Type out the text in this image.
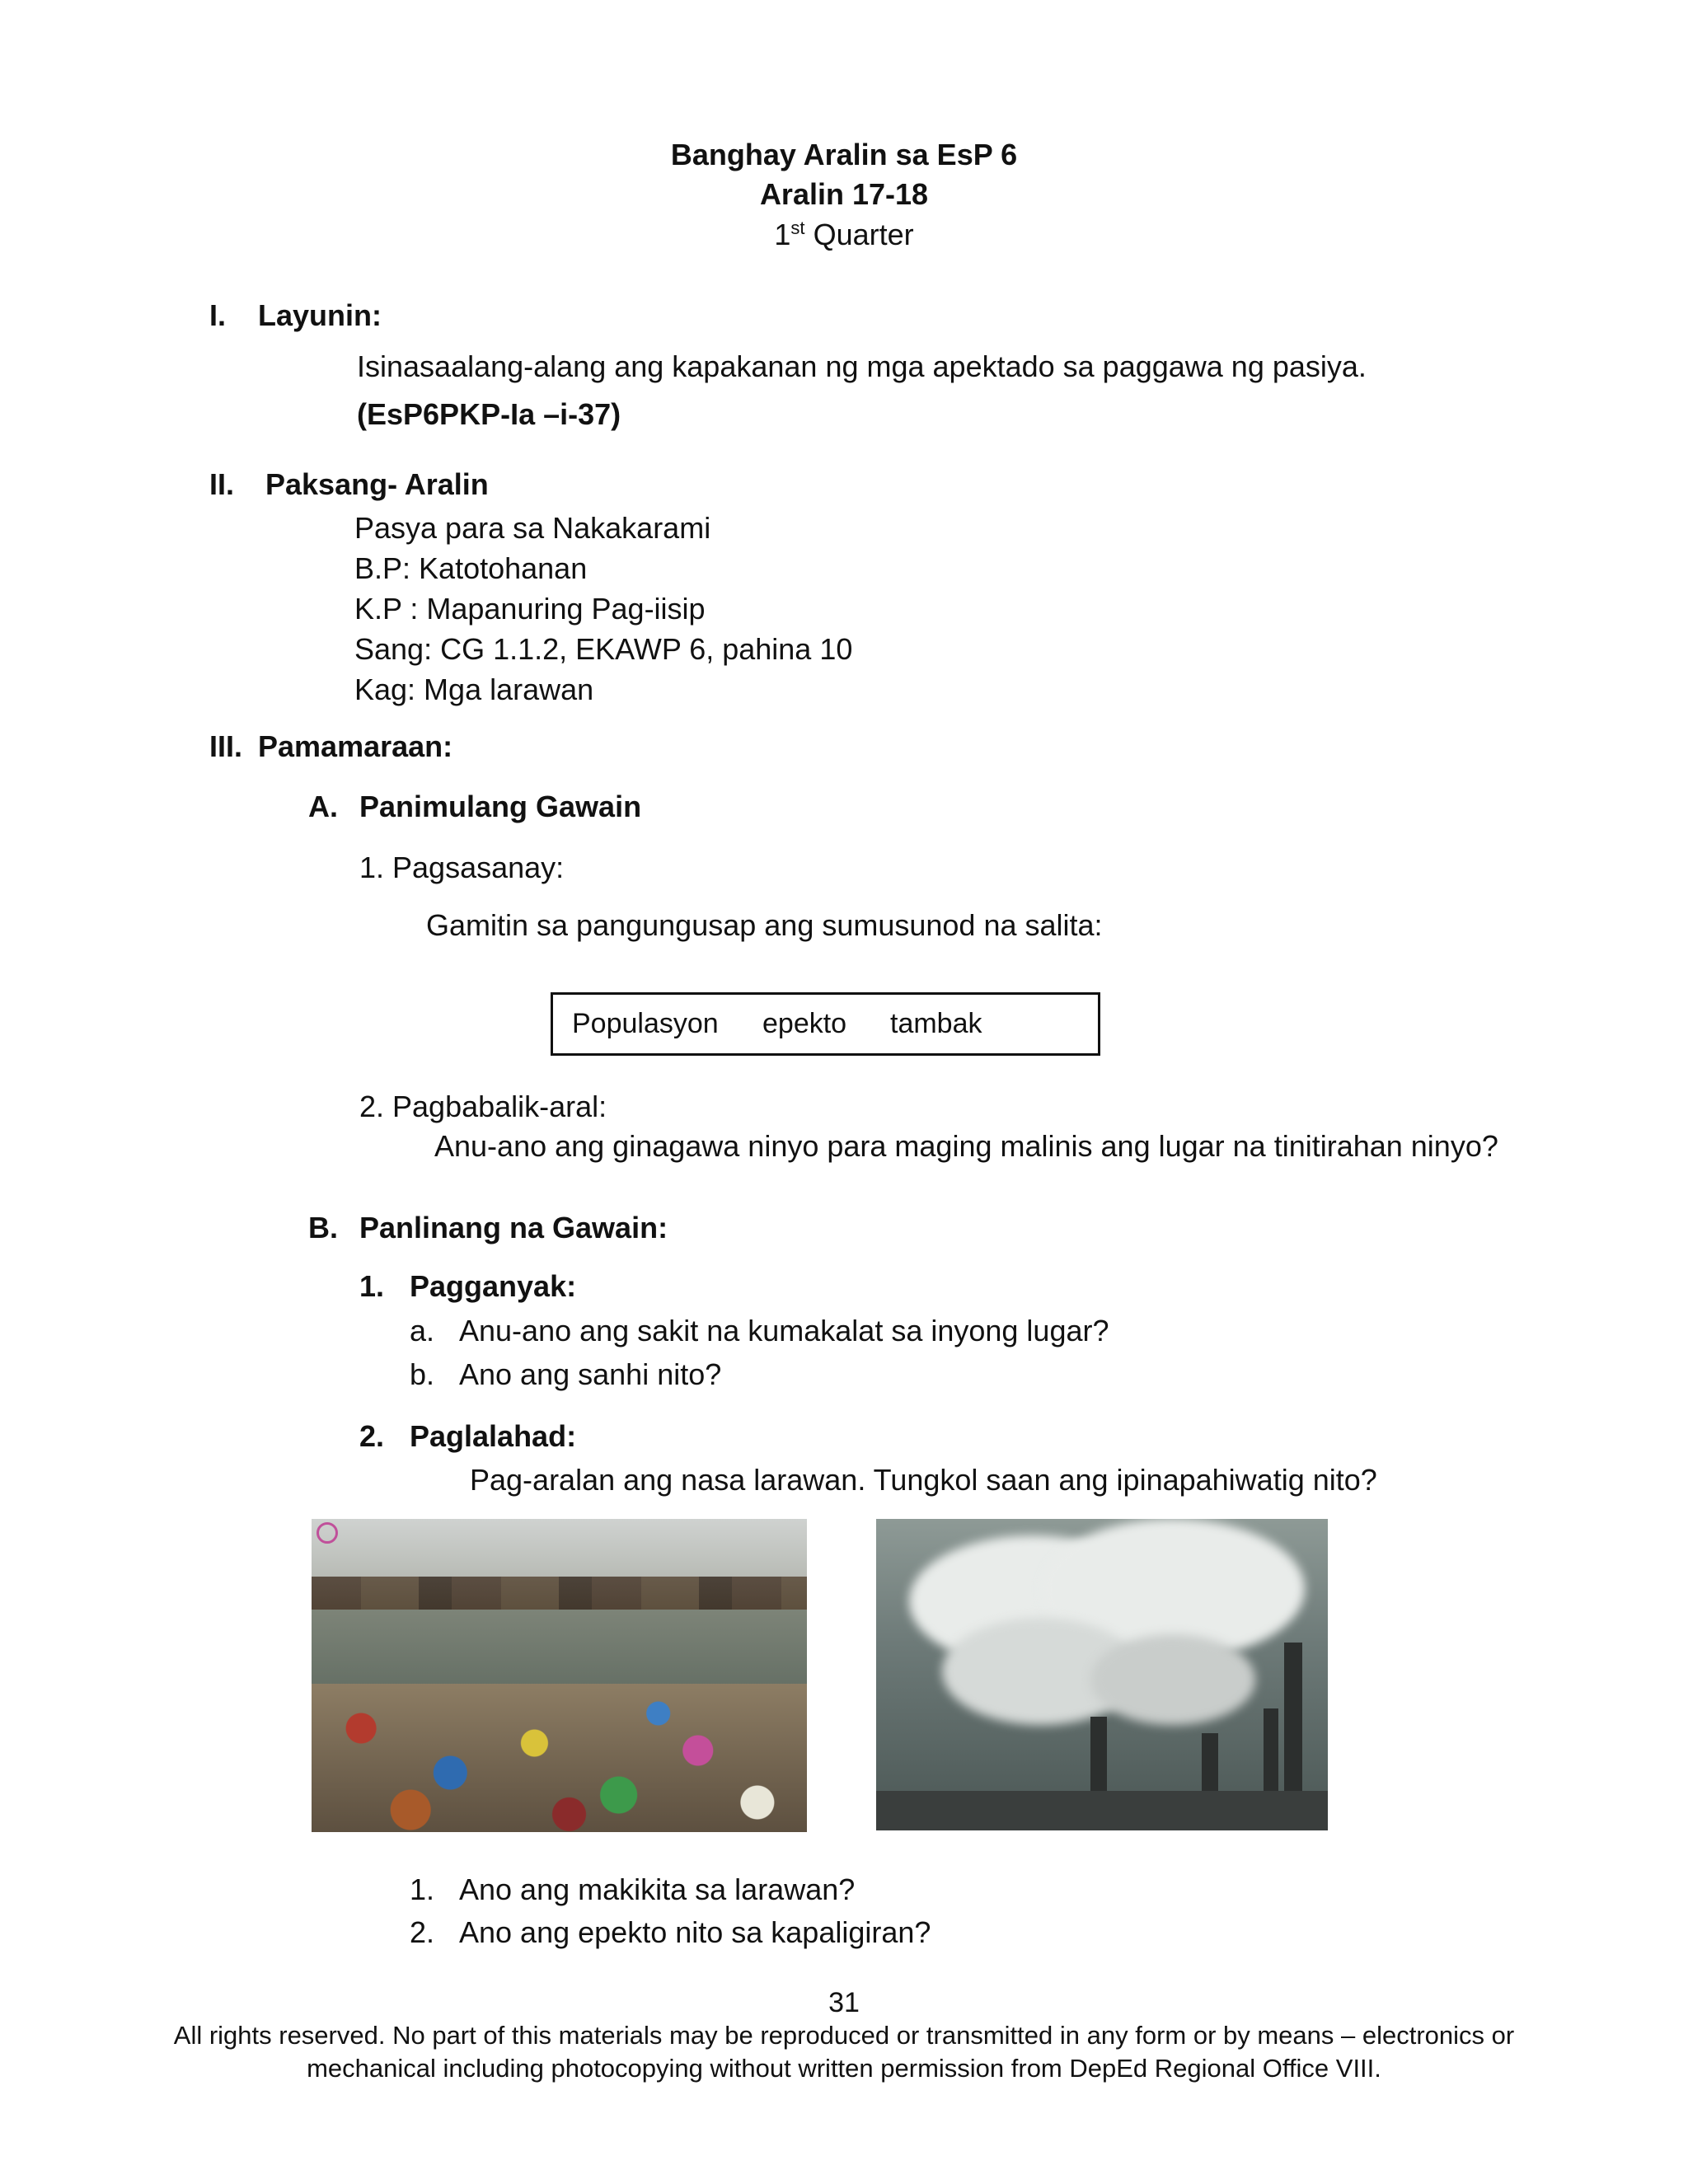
Banghay Aralin sa EsP 6
Aralin 17-18
1st Quarter
I. Layunin:
Isinasaalang-alang ang kapakanan ng mga apektado sa paggawa ng pasiya.
(EsP6PKP-Ia –i-37)
II. Paksang- Aralin
Pasya para sa Nakakarami
B.P: Katotohanan
K.P : Mapanuring Pag-iisip
Sang: CG 1.1.2, EKAWP 6, pahina 10
Kag: Mga larawan
III. Pamamaraan:
A. Panimulang Gawain
1. Pagsasanay:
Gamitin sa pangungusap ang sumusunod na salita:
Populasyon epekto tambak
2. Pagbabalik-aral:
Anu-ano ang ginagawa ninyo para maging malinis ang lugar na tinitirahan ninyo?
B. Panlinang na Gawain:
1. Pagganyak:
a. Anu-ano ang sakit na kumakalat sa inyong lugar?
b. Ano ang sanhi nito?
2. Paglalahad:
Pag-aralan ang nasa larawan. Tungkol saan ang ipinapahiwatig nito?
1. Ano ang makikita sa larawan?
2. Ano ang epekto nito sa kapaligiran?
31
All rights reserved. No part of this materials may be reproduced or transmitted in any form or by means – electronics or
mechanical including photocopying without written permission from DepEd Regional Office VIII.
